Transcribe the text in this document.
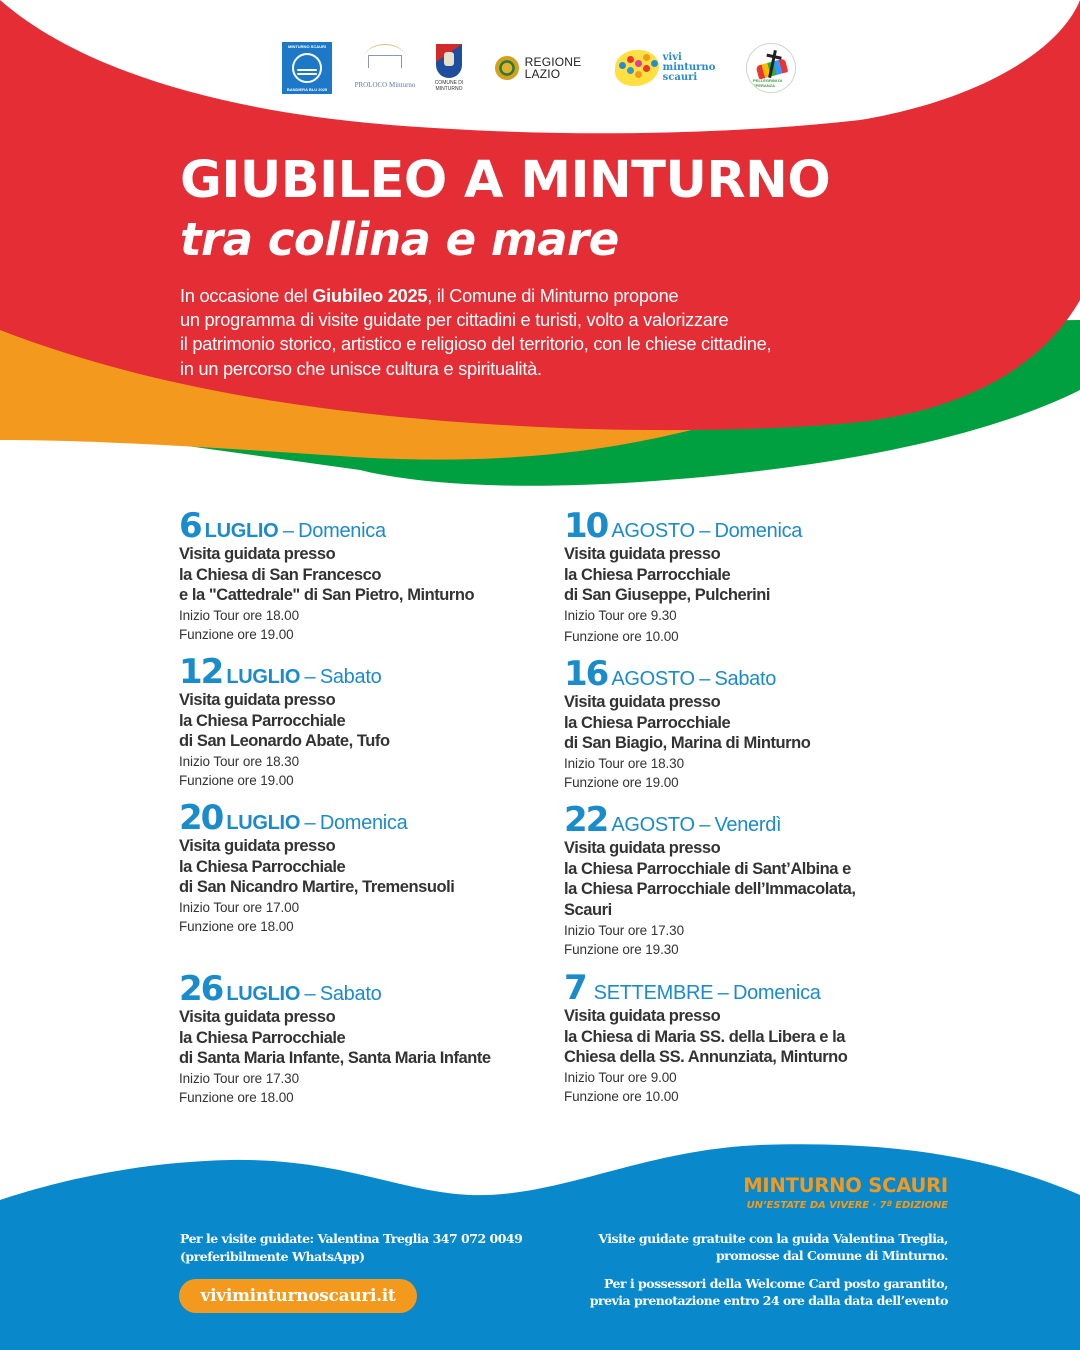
MINTURNO SCAURI
BANDIERA BLU 2025
PROLOCO Minturno	COMUNE DI
MINTURNO
REGIONE
LAZIO
vivi
minturno
scauri	PELLEGRINI DI SPERANZA
GIUBILEO A MINTURNO
tra collina e mare
In occasione del Giubileo 2025, il Comune di Minturno propone
un programma di visite guidate per cittadini e turisti, volto a valorizzare
il patrimonio storico, artistico e religioso del territorio, con le chiese cittadine,
in un percorso che unisce cultura e spiritualità.
6 LUGLIO – Domenica
Visita guidata presso
la Chiesa di San Francesco
e la "Cattedrale" di San Pietro, Minturno
Inizio Tour ore 18.00
Funzione ore 19.00
12 LUGLIO – Sabato
Visita guidata presso
la Chiesa Parrocchiale
di San Leonardo Abate, Tufo
Inizio Tour ore 18.30
Funzione ore 19.00
20 LUGLIO – Domenica
Visita guidata presso
la Chiesa Parrocchiale
di San Nicandro Martire, Tremensuoli
Inizio Tour ore 17.00
Funzione ore 18.00
26 LUGLIO – Sabato
Visita guidata presso
la Chiesa Parrocchiale
di Santa Maria Infante, Santa Maria Infante
Inizio Tour ore 17.30
Funzione ore 18.00
10 AGOSTO – Domenica
Visita guidata presso
la Chiesa Parrocchiale
di San Giuseppe, Pulcherini
Inizio Tour ore 9.30
Funzione ore 10.00
16 AGOSTO – Sabato
Visita guidata presso
la Chiesa Parrocchiale
di San Biagio, Marina di Minturno
Inizio Tour ore 18.30
Funzione ore 19.00
22 AGOSTO – Venerdì
Visita guidata presso
la Chiesa Parrocchiale di Sant’Albina e
la Chiesa Parrocchiale dell’Immacolata,
Scauri
Inizio Tour ore 17.30
Funzione ore 19.30
7 SETTEMBRE – Domenica
Visita guidata presso
la Chiesa di Maria SS. della Libera e la
Chiesa della SS. Annunziata, Minturno
Inizio Tour ore 9.00
Funzione ore 10.00
MINTURNO SCAURI
UN’ESTATE DA VIVERE · 7ª EDIZIONE
Per le visite guidate: Valentina Treglia 347 072 0049
(preferibilmente WhatsApp)
viviminturnoscauri.it
Visite guidate gratuite con la guida Valentina Treglia,
promosse dal Comune di Minturno.
Per i possessori della Welcome Card posto garantito,
previa prenotazione entro 24 ore dalla data dell’evento
